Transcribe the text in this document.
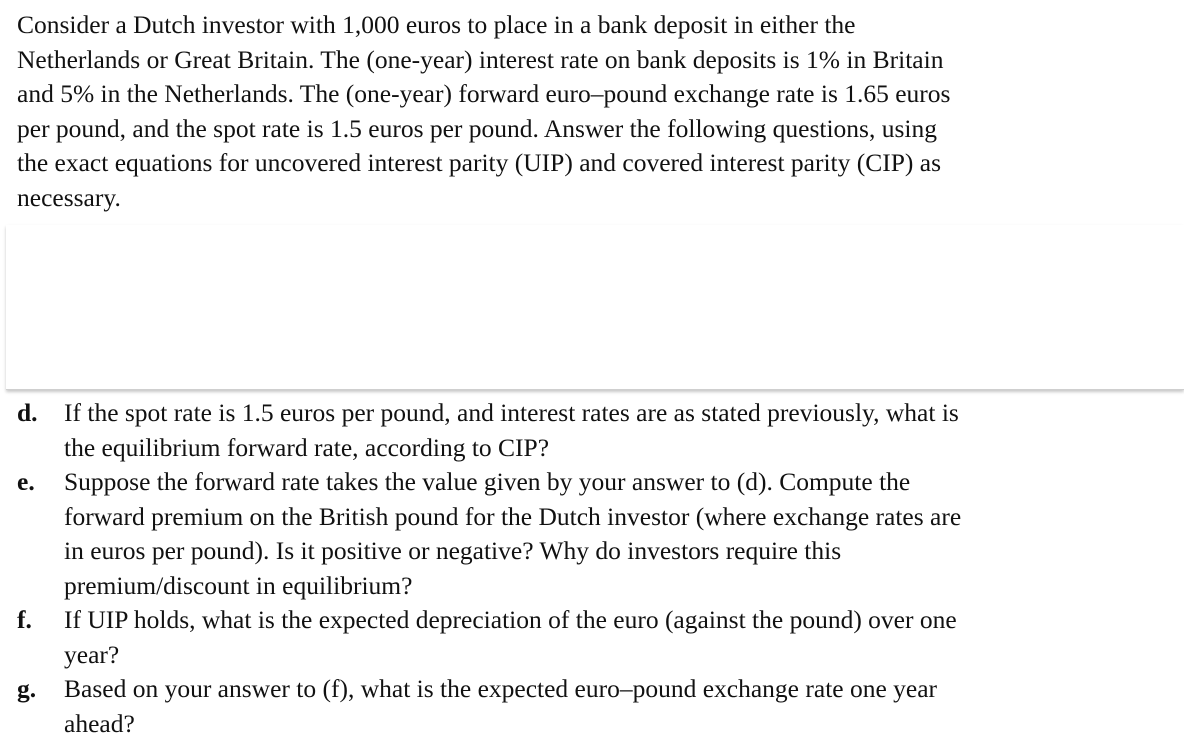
Consider a Dutch investor with 1,000 euros to place in a bank deposit in either the
Netherlands or Great Britain. The (one-year) interest rate on bank deposits is 1% in Britain
and 5% in the Netherlands. The (one-year) forward euro–pound exchange rate is 1.65 euros
per pound, and the spot rate is 1.5 euros per pound. Answer the following questions, using
the exact equations for uncovered interest parity (UIP) and covered interest parity (CIP) as
necessary.
d.	If the spot rate is 1.5 euros per pound, and interest rates are as stated previously, what is
the equilibrium forward rate, according to CIP?
e.	Suppose the forward rate takes the value given by your answer to (d). Compute the
forward premium on the British pound for the Dutch investor (where exchange rates are
in euros per pound). Is it positive or negative? Why do investors require this
premium/discount in equilibrium?
f.	If UIP holds, what is the expected depreciation of the euro (against the pound) over one
year?
g.	Based on your answer to (f), what is the expected euro–pound exchange rate one year
ahead?
